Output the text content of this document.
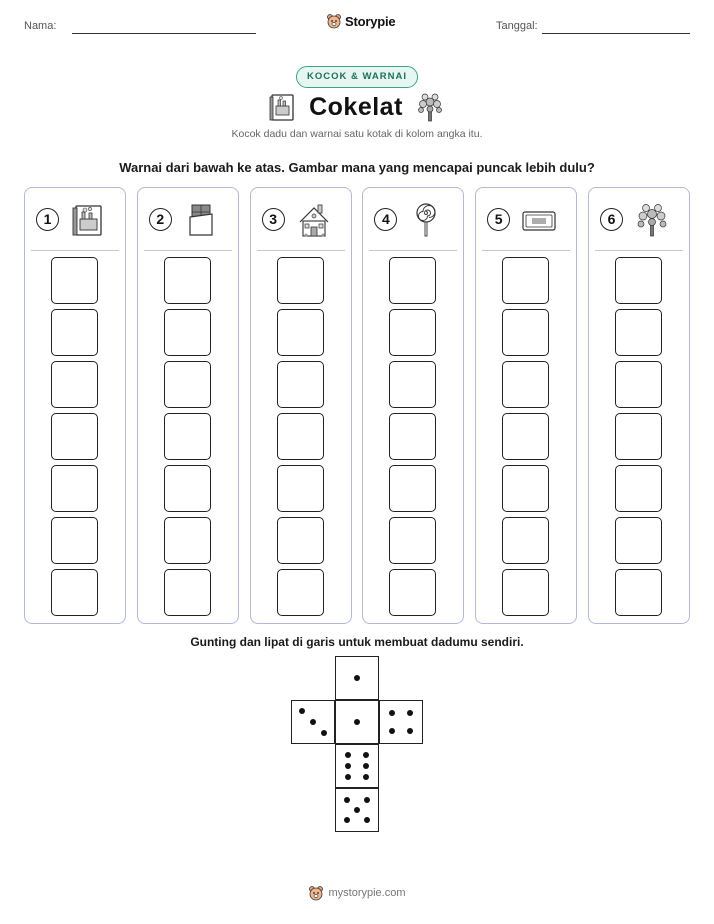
Nama:	Storypie	Tanggal:
KOCOK & WARNAI
Cokelat
Kocok dadu dan warnai satu kotak di kolom angka itu.
Warnai dari bawah ke atas. Gambar mana yang mencapai puncak lebih dulu?
1	2	3	4	5	6
Gunting dan lipat di garis untuk membuat dadumu sendiri.
mystorypie.com
